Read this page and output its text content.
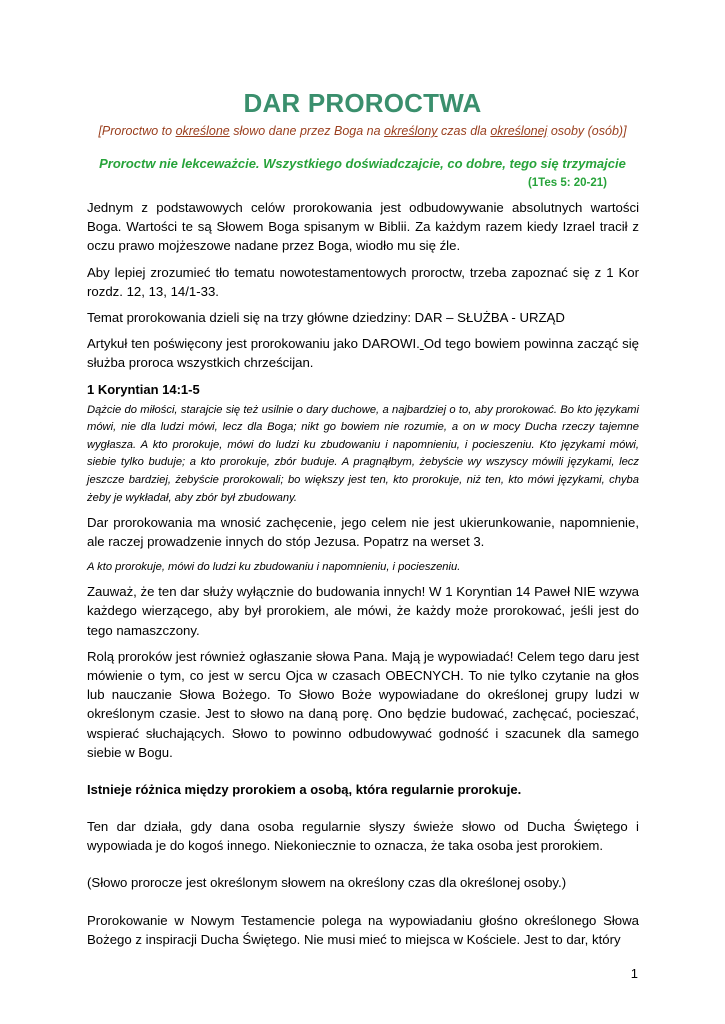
DAR PROROCTWA
[Proroctwo to określone słowo dane przez Boga na określony czas dla określonej osoby (osób)]
Proroctw nie lekceważcie. Wszystkiego doświadczajcie, co dobre, tego się trzymajcie
(1Tes 5: 20-21)

Jednym z podstawowych celów prorokowania jest odbudowywanie absolutnych wartości Boga. Wartości te są Słowem Boga spisanym w Biblii. Za każdym razem kiedy Izrael tracił z oczu prawo mojżeszowe nadane przez Boga, wiodło mu się źle.

Aby lepiej zrozumieć tło tematu nowotestamentowych proroctw, trzeba zapoznać się z 1 Kor rozdz. 12, 13, 14/1-33.

Temat prorokowania dzieli się na trzy główne dziedziny: DAR – SŁUŻBA - URZĄD

Artykuł ten poświęcony jest prorokowaniu jako DAROWI. Od tego bowiem powinna zacząć się służba proroca wszystkich chrześcijan.

1 Koryntian 14:1-5

Dążcie do miłości, starajcie się też usilnie o dary duchowe, a najbardziej o to, aby prorokować. Bo kto językami mówi, nie dla ludzi mówi, lecz dla Boga; nikt go bowiem nie rozumie, a on w mocy Ducha rzeczy tajemne wygłasza. A kto prorokuje, mówi do ludzi ku zbudowaniu i napomnieniu, i pocieszeniu. Kto językami mówi, siebie tylko buduje; a kto prorokuje, zbór buduje. A pragnąłbym, żebyście wy wszyscy mówili językami, lecz jeszcze bardziej, żebyście prorokowali; bo większy jest ten, kto prorokuje, niż ten, kto mówi językami, chyba żeby je wykładał, aby zbór był zbudowany.

Dar prorokowania ma wnosić zachęcenie, jego celem nie jest ukierunkowanie, napomnienie, ale raczej prowadzenie innych do stóp Jezusa. Popatrz na werset 3.

A kto prorokuje, mówi do ludzi ku zbudowaniu i napomnieniu, i pocieszeniu.

Zauważ, że ten dar służy wyłącznie do budowania innych! W 1 Koryntian 14 Paweł NIE wzywa każdego wierzącego, aby był prorokiem, ale mówi, że każdy może prorokować, jeśli jest do tego namaszczony.

Rolą proroków jest również ogłaszanie słowa Pana. Mają je wypowiadać! Celem tego daru jest mówienie o tym, co jest w sercu Ojca w czasach OBECNYCH. To nie tylko czytanie na głos lub nauczanie Słowa Bożego. To Słowo Boże wypowiadane do określonej grupy ludzi w określonym czasie. Jest to słowo na daną porę. Ono będzie budować, zachęcać, pocieszać, wspierać słuchających. Słowo to powinno odbudowywać godność i szacunek dla samego siebie w Bogu.

Istnieje różnica między prorokiem a osobą, która regularnie prorokuje.

Ten dar działa, gdy dana osoba regularnie słyszy świeże słowo od Ducha Świętego i wypowiada je do kogoś innego. Niekoniecznie to oznacza, że taka osoba jest prorokiem.

(Słowo prorocze jest określonym słowem na określony czas dla określonej osoby.)

Prorokowanie w Nowym Testamencie polega na wypowiadaniu głośno określonego Słowa Bożego z inspiracji Ducha Świętego. Nie musi mieć to miejsca w Kościele. Jest to dar, który

1
